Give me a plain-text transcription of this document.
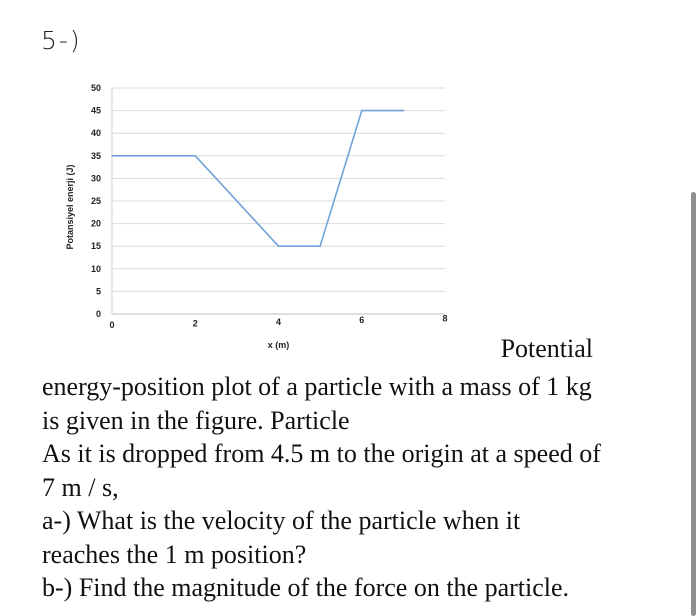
5-)
0
5
10
15
20
25
30
35
40
45
50
0	2	4	6	8
x (m)
Potansiyel enerji (J)
Potential
energy-position plot of a particle with a mass of 1 kg
is given in the figure. Particle
As it is dropped from 4.5 m to the origin at a speed of
7 m / s,
a-) What is the velocity of the particle when it
reaches the 1 m position?
b-) Find the magnitude of the force on the particle.
